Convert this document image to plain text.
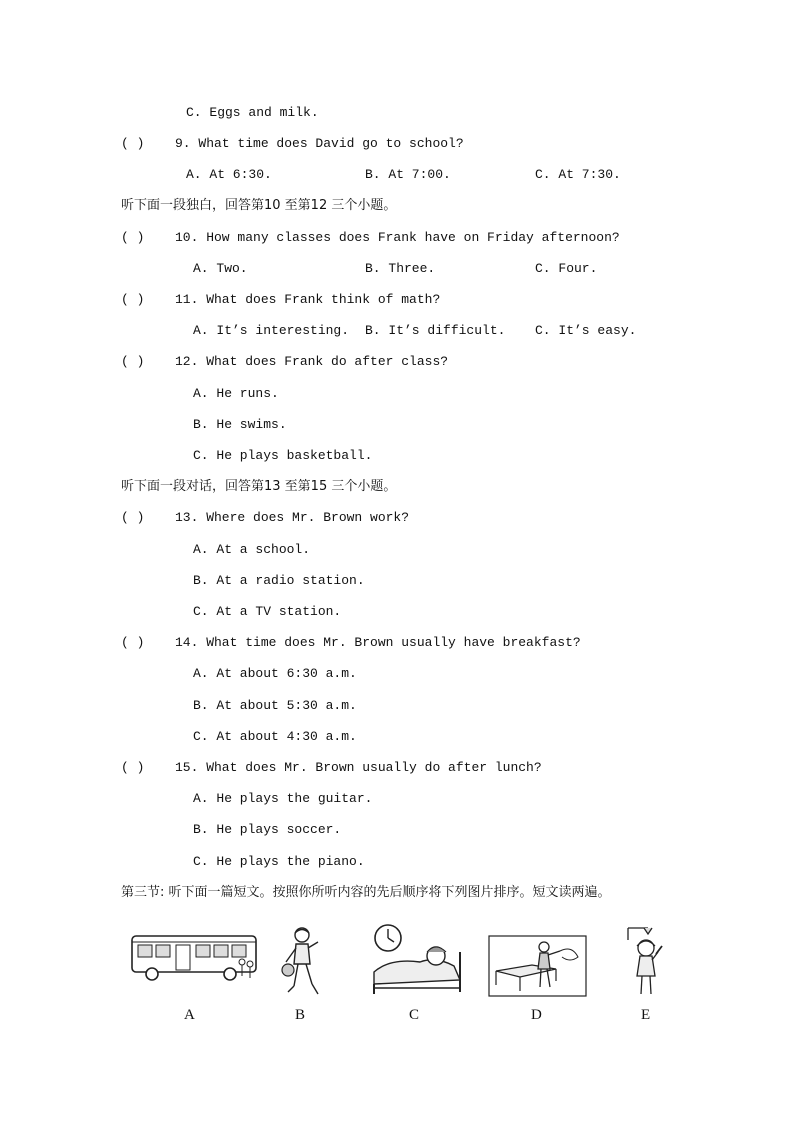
C. Eggs and milk.
( ) 9. What time does David go to school?
A. At 6:30.	B. At 7:00.	C. At 7:30.
听下面一段独白，回答第10 至第12 三个小题。
( ) 10. How many classes does Frank have on Friday afternoon?
A. Two.	B. Three.	C. Four.
( ) 11. What does Frank think of math?
A. It’s interesting. B. It’s difficult. C. It’s easy.
( ) 12. What does Frank do after class?
A. He runs.
B. He swims.
C. He plays basketball.
听下面一段对话，回答第13 至第15 三个小题。
( ) 13. Where does Mr. Brown work?
A. At a school.
B. At a radio station.
C. At a TV station.
( ) 14. What time does Mr. Brown usually have breakfast?
A. At about 6:30 a.m.
B. At about 5:30 a.m.
C. At about 4:30 a.m.
( ) 15. What does Mr. Brown usually do after lunch?
A. He plays the guitar.
B. He plays soccer.
C. He plays the piano.
第三节: 听下面一篇短文。按照你所听内容的先后顺序将下列图片排序。短文读两遍。
A	B	C	D	E
